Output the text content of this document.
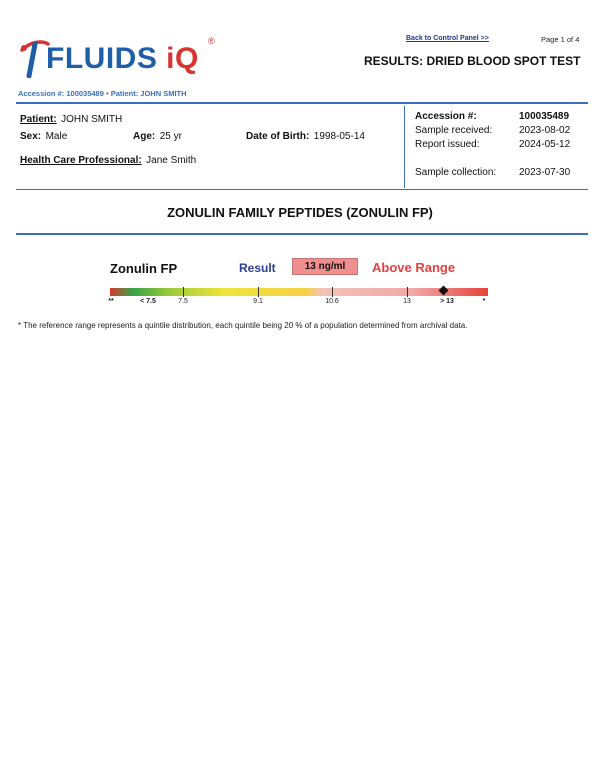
FLUIDS iQ
®	Back to Control Panel >>	Page 1 of 4
RESULTS: DRIED BLOOD SPOT TEST
Accession #: 100035489 • Patient: JOHN SMITH
Patient: JOHN SMITH
Sex: Male	Age: 25 yr	Date of Birth: 1998-05-14
Health Care Professional: Jane Smith
Accession #:	100035489
Sample received:	2023-08-02
Report issued:	2024-05-12
Sample collection: 2023-07-30
ZONULIN FAMILY PEPTIDES (ZONULIN FP)
Zonulin FP	Result	13 ng/ml	Above Range
**	< 7.5	7.5	9.1	10.6	13	> 13	*
* The reference range represents a quintile distribution, each quintile being 20 % of a population determined from archival data.
